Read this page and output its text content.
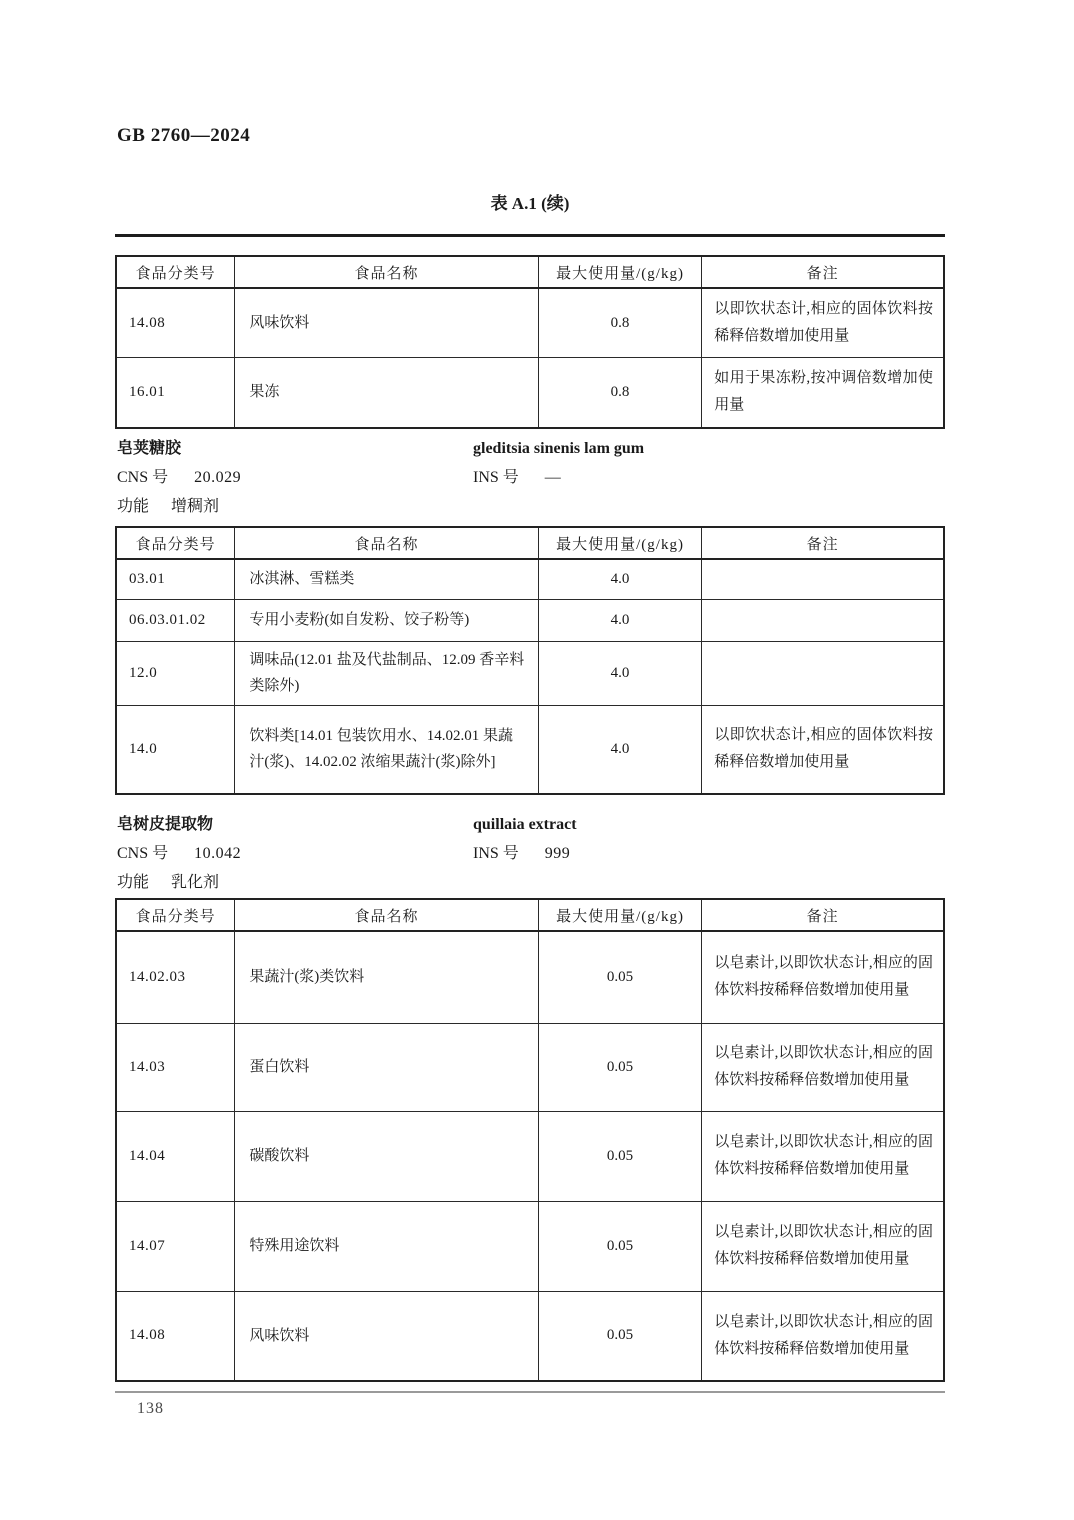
GB 2760—2024
表 A.1 (续)
食品分类号	食品名称	最大使用量/(g/kg)	备注
14.08	风味饮料	0.8	以即饮状态计,相应的固体饮料按稀释倍数增加使用量
16.01	果冻	0.8	如用于果冻粉,按冲调倍数增加使用量
皂荚糖胶	gleditsia sinenis lam gum
CNS 号 20.029	INS 号 —
功能 增稠剂
食品分类号	食品名称	最大使用量/(g/kg)	备注
03.01	冰淇淋、雪糕类	4.0	
06.03.01.02	专用小麦粉(如自发粉、饺子粉等)	4.0	
12.0	调味品(12.01 盐及代盐制品、12.09 香辛料类除外)	4.0	
14.0	饮料类[14.01 包装饮用水、14.02.01 果蔬汁(浆)、14.02.02 浓缩果蔬汁(浆)除外]	4.0	以即饮状态计,相应的固体饮料按稀释倍数增加使用量
皂树皮提取物	quillaia extract
CNS 号 10.042	INS 号 999
功能 乳化剂
食品分类号	食品名称	最大使用量/(g/kg)	备注
14.02.03	果蔬汁(浆)类饮料	0.05	以皂素计,以即饮状态计,相应的固体饮料按稀释倍数增加使用量
14.03	蛋白饮料	0.05	以皂素计,以即饮状态计,相应的固体饮料按稀释倍数增加使用量
14.04	碳酸饮料	0.05	以皂素计,以即饮状态计,相应的固体饮料按稀释倍数增加使用量
14.07	特殊用途饮料	0.05	以皂素计,以即饮状态计,相应的固体饮料按稀释倍数增加使用量
14.08	风味饮料	0.05	以皂素计,以即饮状态计,相应的固体饮料按稀释倍数增加使用量
138
